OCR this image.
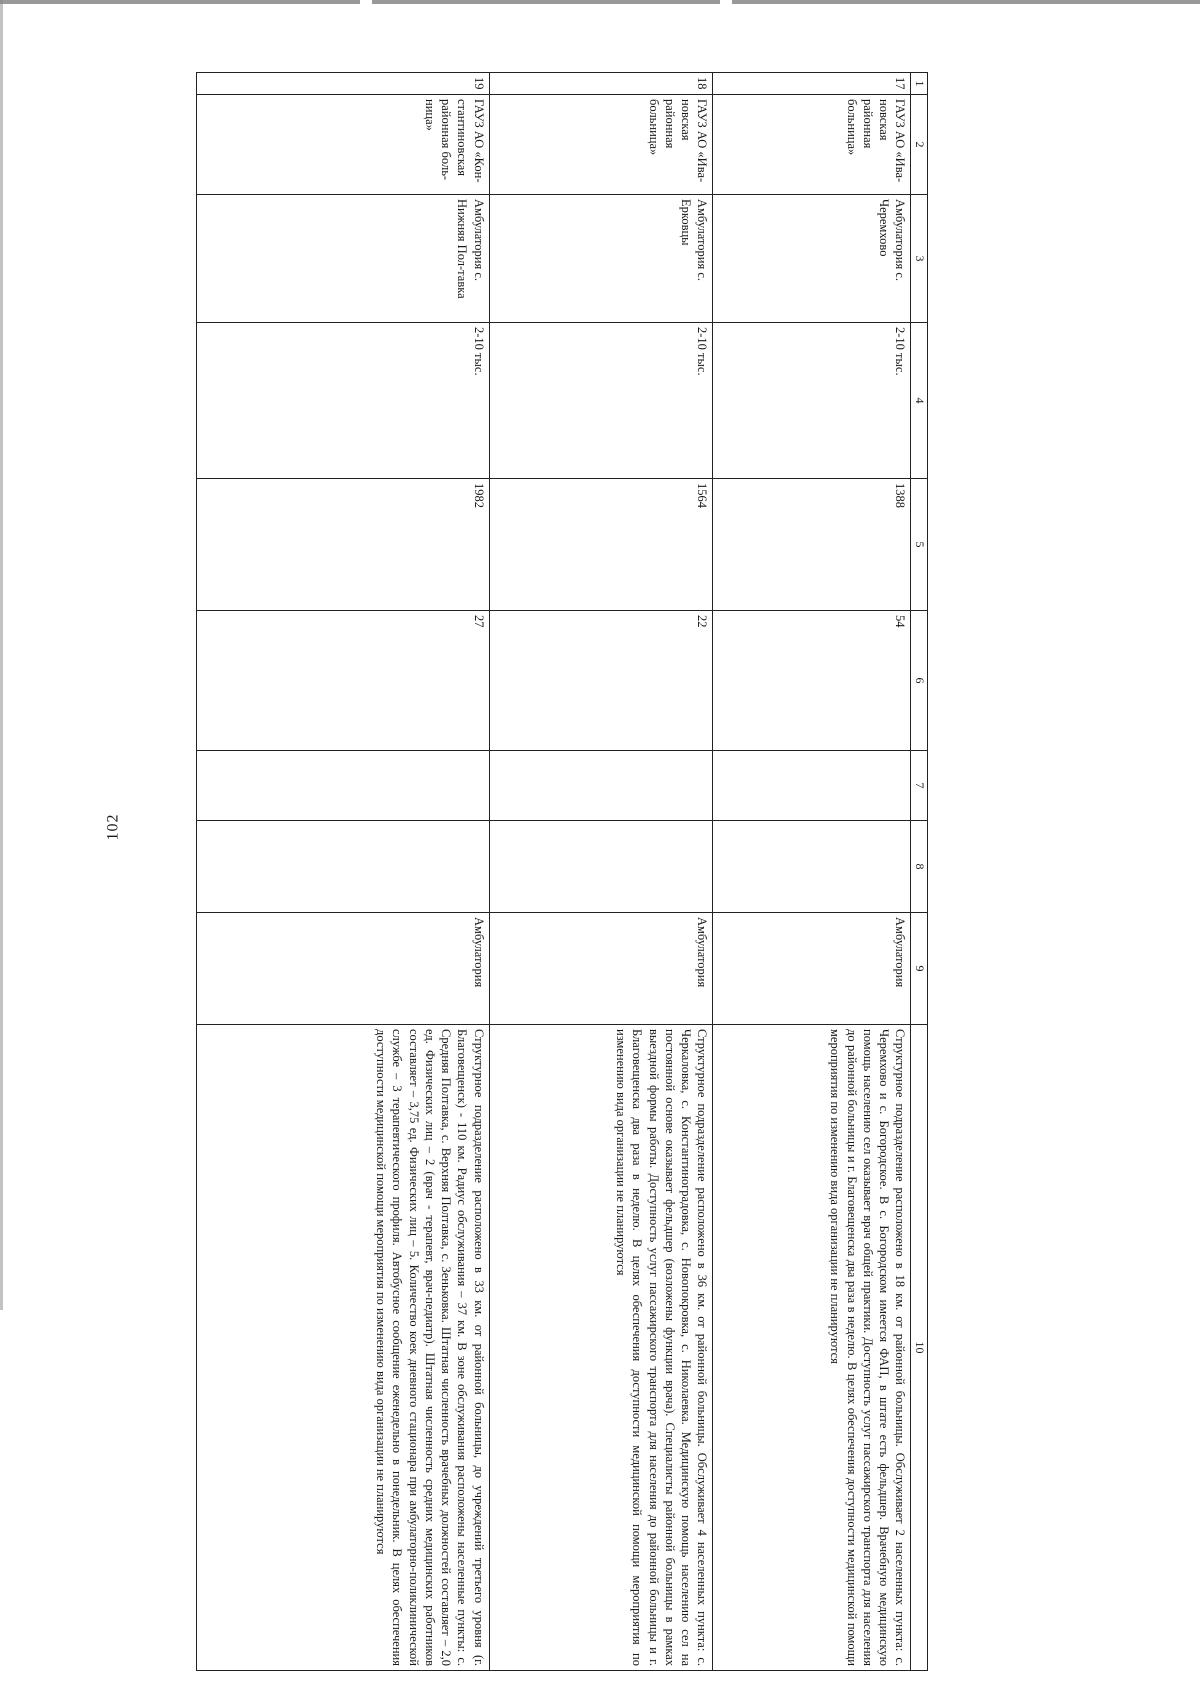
102
1	2	3	4	5	6	7	8	9	10
17	ГАУЗ АО «Ива-новская районная больница»	Амбулатория с. Черемхово	2-10 тыс.	1388	54			Амбулатория	Структурное подразделение расположено в 18 км. от районной больницы. Обслуживает 2 населенных пункта: с. Черемхово и с. Богородское. В с. Богородском имеется ФАП, в штате есть фельдшер. Врачебную медицинскую помощь населению сел оказывает врач общей практики. Доступность услуг пассажирского транспорта для населения до районной больницы и г. Благовещенска два раза в неделю. В целях обеспечения доступности медицинской помощи мероприятия по изменению вида организации не планируются
18	ГАУЗ АО «Ива-новская районная больница»	Амбулатория с. Ерковцы	2-10 тыс.	1564	22			Амбулатория	Структурное подразделение расположено в 36 км. от районной больницы. Обслуживает 4 населенных пункта: с. Черкаловка, с. Константиноградовка, с. Новопокровка, с. Николаевка. Медицинскую помощь населению сел на постоянной основе оказывает фельдшер (возложены функции врача). Специалисты районной больницы в рамках выездной формы работы. Доступность услуг пассажирского транспорта для населения до районной больницы и г. Благовещенска два раза в неделю. В целях обеспечения доступности медицинской помощи мероприятия по изменению вида организации не планируются
19	ГАУЗ АО «Кон-стантиновская районная боль-ница»	Амбулатория с. Нижняя Пол-тавка	2-10 тыс.	1982	27			Амбулатория	Структурное подразделение расположено в 33 км. от районной больницы, до учреждений третьего уровня (г. Благовещенск) - 110 км. Радиус обслуживания – 37 км. В зоне обслуживания расположены населенные пункты: с. Средняя Полтавка, с. Верхняя Полтавка, с. Зеньковка. Штатная численность врачебных должностей составляет – 2,0 ед. Физических лиц – 2 (врач - терапевт, врач-педиатр). Штатная численность средних медицинских работников составляет – 3,75 ед. Физических лиц – 5. Количество коек дневного стационара при амбулаторно-поликлинической службе – 3 терапевтического профиля. Автобусное сообщение еженедельно в понедельник. В целях обеспечения доступности медицинской помощи мероприятия по изменению вида организации не планируются
